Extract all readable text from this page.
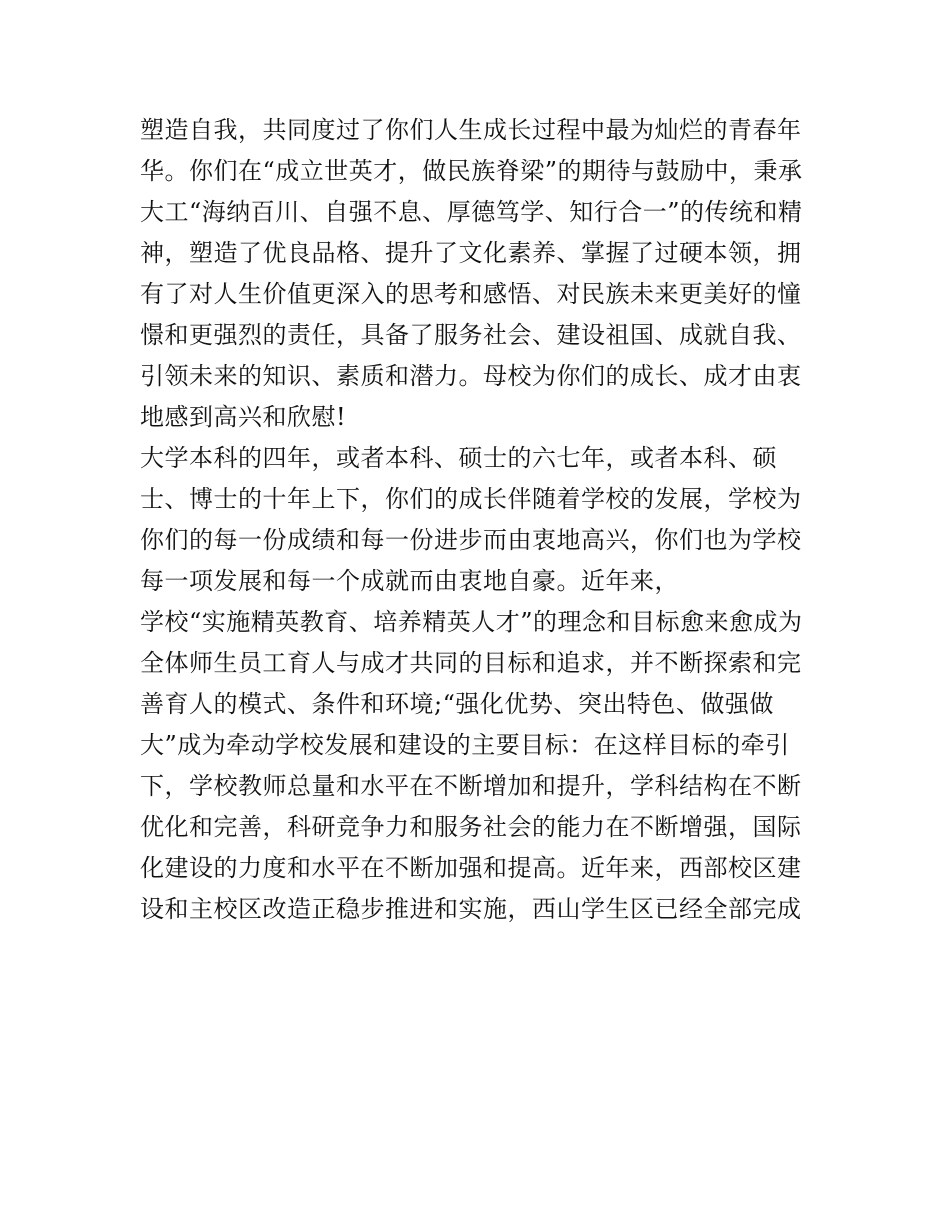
塑造自我，共同度过了你们人生成长过程中最为灿烂的青春年
华。你们在“成立世英才，做民族脊梁”的期待与鼓励中，秉承
大工“海纳百川、自强不息、厚德笃学、知行合一”的传统和精
神，塑造了优良品格、提升了文化素养、掌握了过硬本领，拥
有了对人生价值更深入的思考和感悟、对民族未来更美好的憧
憬和更强烈的责任，具备了服务社会、建设祖国、成就自我、
引领未来的知识、素质和潜力。母校为你们的成长、成才由衷
地感到高兴和欣慰!
大学本科的四年，或者本科、硕士的六七年，或者本科、硕
士、博士的十年上下，你们的成长伴随着学校的发展，学校为
你们的每一份成绩和每一份进步而由衷地高兴，你们也为学校
每一项发展和每一个成就而由衷地自豪。近年来，
学校“实施精英教育、培养精英人才”的理念和目标愈来愈成为
全体师生员工育人与成才共同的目标和追求，并不断探索和完
善育人的模式、条件和环境;“强化优势、突出特色、做强做
大”成为牵动学校发展和建设的主要目标：在这样目标的牵引
下，学校教师总量和水平在不断增加和提升，学科结构在不断
优化和完善，科研竞争力和服务社会的能力在不断增强，国际
化建设的力度和水平在不断加强和提高。近年来，西部校区建
设和主校区改造正稳步推进和实施，西山学生区已经全部完成
